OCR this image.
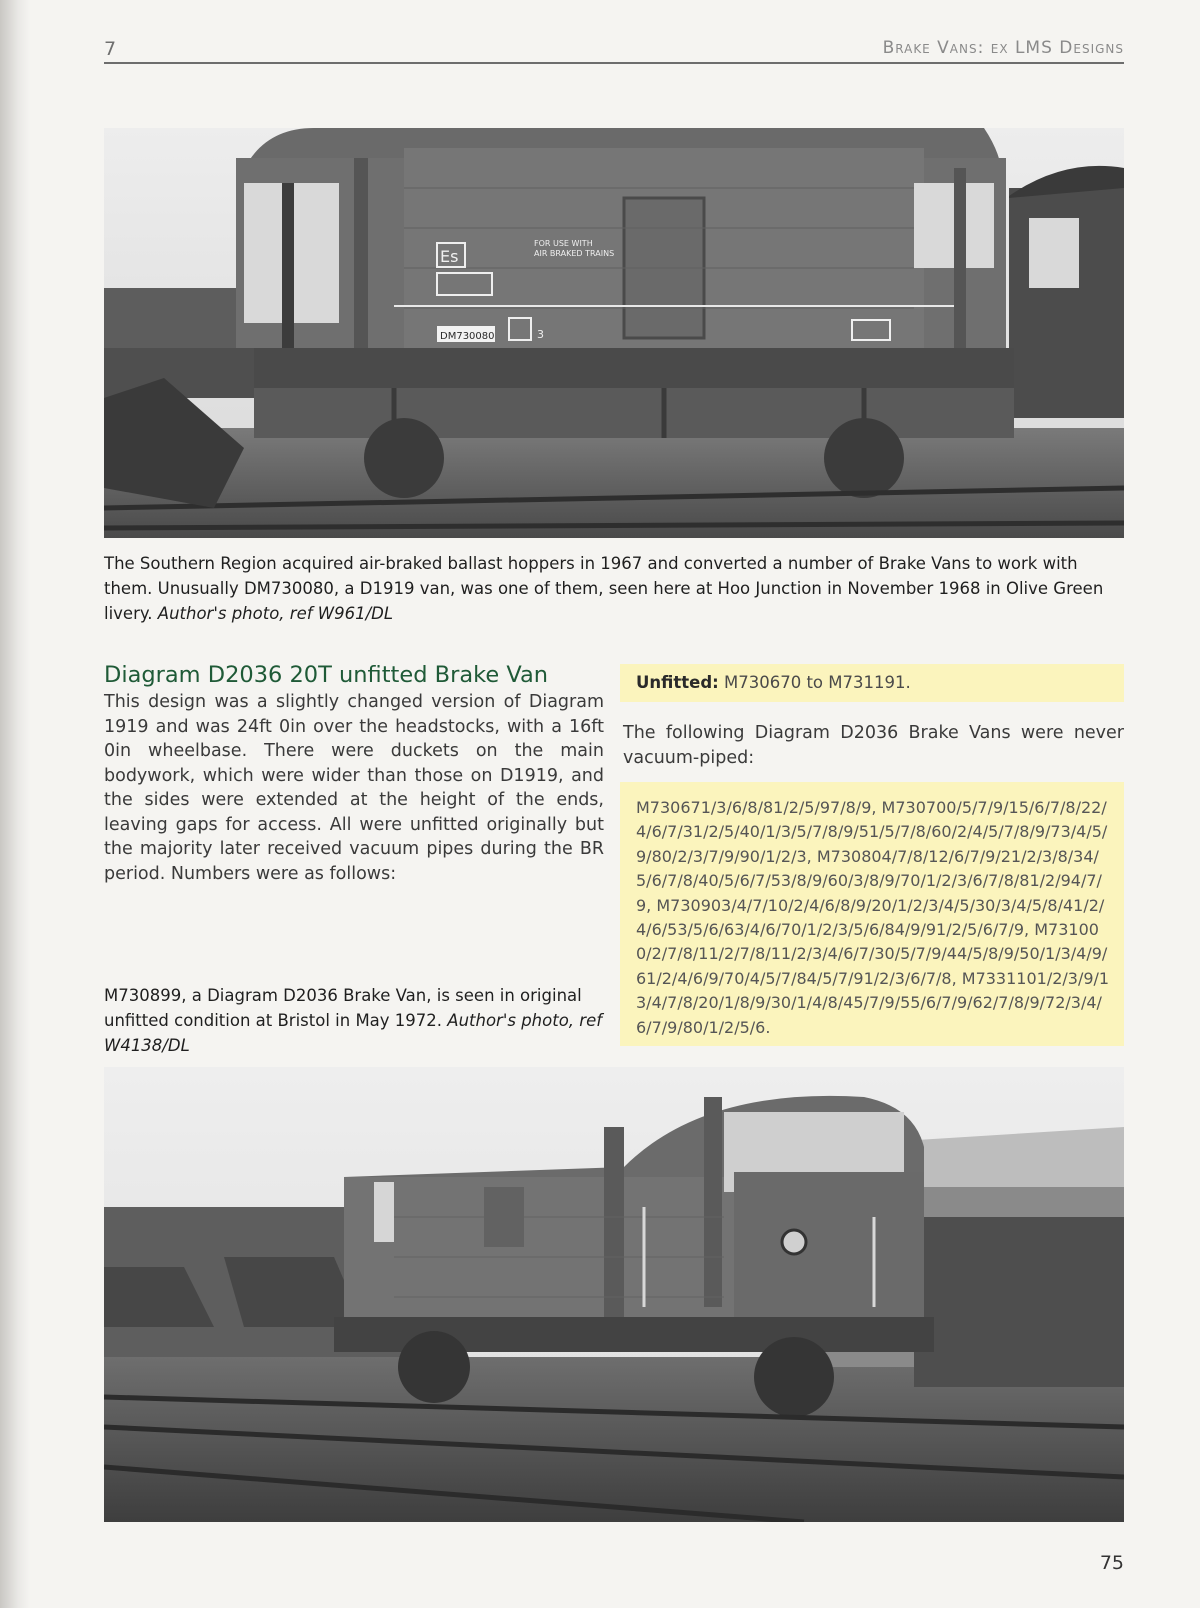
7	Brake Vans: ex LMS Designs
Es
FOR USE WITH
AIR BRAKED TRAINS
DM730080	3
The Southern Region acquired air-braked ballast hoppers in 1967 and converted a number of Brake Vans to work with them. Unusually DM730080, a D1919 van, was one of them, seen here at Hoo Junction in November 1968 in Olive Green livery. Author's photo, ref W961/DL
Diagram D2036 20T unfitted Brake Van

This design was a slightly changed version of Diagram 1919 and was 24ft 0in over the headstocks, with a 16ft 0in wheelbase. There were duckets on the main bodywork, which were wider than those on D1919, and the sides were extended at the height of the ends, leaving gaps for access. All were unfitted originally but the majority later received vacuum pipes during the BR period. Numbers were as follows:

Unfitted: M730670 to M731191.

The following Diagram D2036 Brake Vans were never vacuum-piped:

M730671/3/6/8/81/2/5/97/8/9, M730700/5/7/9/15/6/7/8/22/4/6/7/31/2/5/40/1/3/5/7/8/9/51/5/7/8/60/2/4/5/7/8/9/73/4/5/9/80/2/3/7/9/90/1/2/3, M730804/7/8/12/6/7/9/21/2/3/8/34/5/6/7/8/40/5/6/7/53/8/9/60/3/8/9/70/1/2/3/6/7/8/81/2/94/7/9, M730903/4/7/10/2/4/6/8/9/20/1/2/3/4/5/30/3/4/5/8/41/2/4/6/53/5/6/63/4/6/70/1/2/3/5/6/84/9/91/2/5/6/7/9, M731000/2/7/8/11/2/7/8/11/2/3/4/6/7/30/5/7/9/44/5/8/9/50/1/3/4/9/61/2/4/6/9/70/4/5/7/84/5/7/91/2/3/6/7/8, M7331101/2/3/9/13/4/7/8/20/1/8/9/30/1/4/8/45/7/9/55/6/7/9/62/7/8/9/72/3/4/6/7/9/80/1/2/5/6.
M730899, a Diagram D2036 Brake Van, is seen in original unfitted condition at Bristol in May 1972. Author's photo, ref W4138/DL
75
